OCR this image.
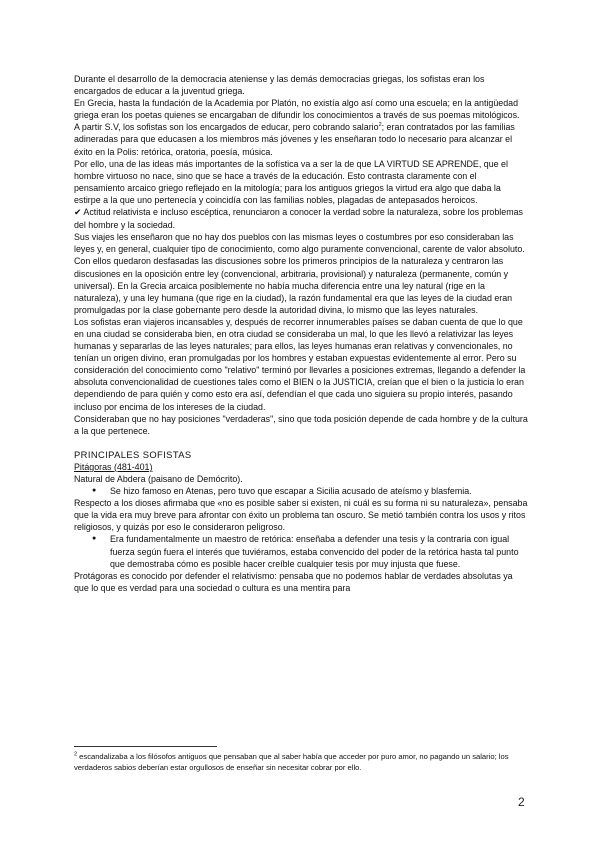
Durante el desarrollo de la democracia ateniense y las demás democracias griegas, los sofistas eran los encargados de educar a la juventud griega.

En Grecia, hasta la fundación de la Academia por Platón, no existía algo así como una escuela; en la antigüedad griega eran los poetas quienes se encargaban de difundir los conocimientos a través de sus poemas mitológicos.

A partir S.V, los sofistas son los encargados de educar, pero cobrando salario$^2$; eran contratados por las familias adineradas para que educasen a los miembros más jóvenes y les enseñaran todo lo necesario para alcanzar el éxito en la Polis: retórica, oratoria, poesía, música.

Por ello, una de las ideas más importantes de la sofística va a ser la de que LA VIRTUD SE APRENDE, que el hombre virtuoso no nace, sino que se hace a través de la educación. Esto contrasta claramente con el pensamiento arcaico griego reflejado en la mitología; para los antiguos griegos la virtud era algo que daba la estirpe a la que uno pertenecía y coincidía con las familias nobles, plagadas de antepasados heroicos.

✔ Actitud relativista e incluso escéptica, renunciaron a conocer la verdad sobre la naturaleza, sobre los problemas del hombre y la sociedad.

Sus viajes les enseñaron que no hay dos pueblos con las mismas leyes o costumbres por eso consideraban las leyes y, en general, cualquier tipo de conocimiento, como algo puramente convencional, carente de valor absoluto.

Con ellos quedaron desfasadas las discusiones sobre los primeros principios de la naturaleza y centraron las discusiones en la oposición entre ley (convencional, arbitraria, provisional) y naturaleza (permanente, común y universal). En la Grecia arcaica posiblemente no había mucha diferencia entre una ley natural (rige en la naturaleza), y una ley humana (que rige en la ciudad), la razón fundamental era que las leyes de la ciudad eran promulgadas por la clase gobernante pero desde la autoridad divina, lo mismo que las leyes naturales.

Los sofistas eran viajeros incansables y, después de recorrer innumerables países se daban cuenta de que lo que en una ciudad se consideraba bien, en otra ciudad se consideraba un mal, lo que les llevó a relativizar las leyes humanas y separarlas de las leyes naturales; para ellos, las leyes humanas eran relativas y convencionales, no tenían un origen divino, eran promulgadas por los hombres y estaban expuestas evidentemente al error. Pero su consideración del conocimiento como "relativo" terminó por llevarles a posiciones extremas, llegando a defender la absoluta convencionalidad de cuestiones tales como el BIEN o la JUSTICIA, creían que el bien o la justicia lo eran dependiendo de para quién y como esto era así, defendían el que cada uno siguiera su propio interés, pasando incluso por encima de los intereses de la ciudad.

Consideraban que no hay posiciones "verdaderas", sino que toda posición depende de cada hombre y de la cultura a la que pertenece.

PRINCIPALES SOFISTAS

Pitágoras (481-401)

Natural de Abdera (paisano de Demócrito).

● Se hizo famoso en Atenas, pero tuvo que escapar a Sicilia acusado de ateísmo y blasfemia.

Respecto a los dioses afirmaba que «no es posible saber si existen, ni cuál es su forma ni su naturaleza», pensaba que la vida era muy breve para afrontar con éxito un problema tan oscuro. Se metió también contra los usos y ritos religiosos, y quizás por eso le consideraron peligroso.

● Era fundamentalmente un maestro de retórica: enseñaba a defender una tesis y la contraria con igual fuerza según fuera el interés que tuviéramos, estaba convencido del poder de la retórica hasta tal punto que demostraba cómo es posible hacer creíble cualquier tesis por muy injusta que fuese.

Protágoras es conocido por defender el relativismo: pensaba que no podemos hablar de verdades absolutas ya que lo que es verdad para una sociedad o cultura es una mentira para

$^2$ escandalizaba a los filósofos antiguos que pensaban que al saber había que acceder por puro amor, no pagando un salario; los verdaderos sabios deberían estar orgullosos de enseñar sin necesitar cobrar por ello.
2
